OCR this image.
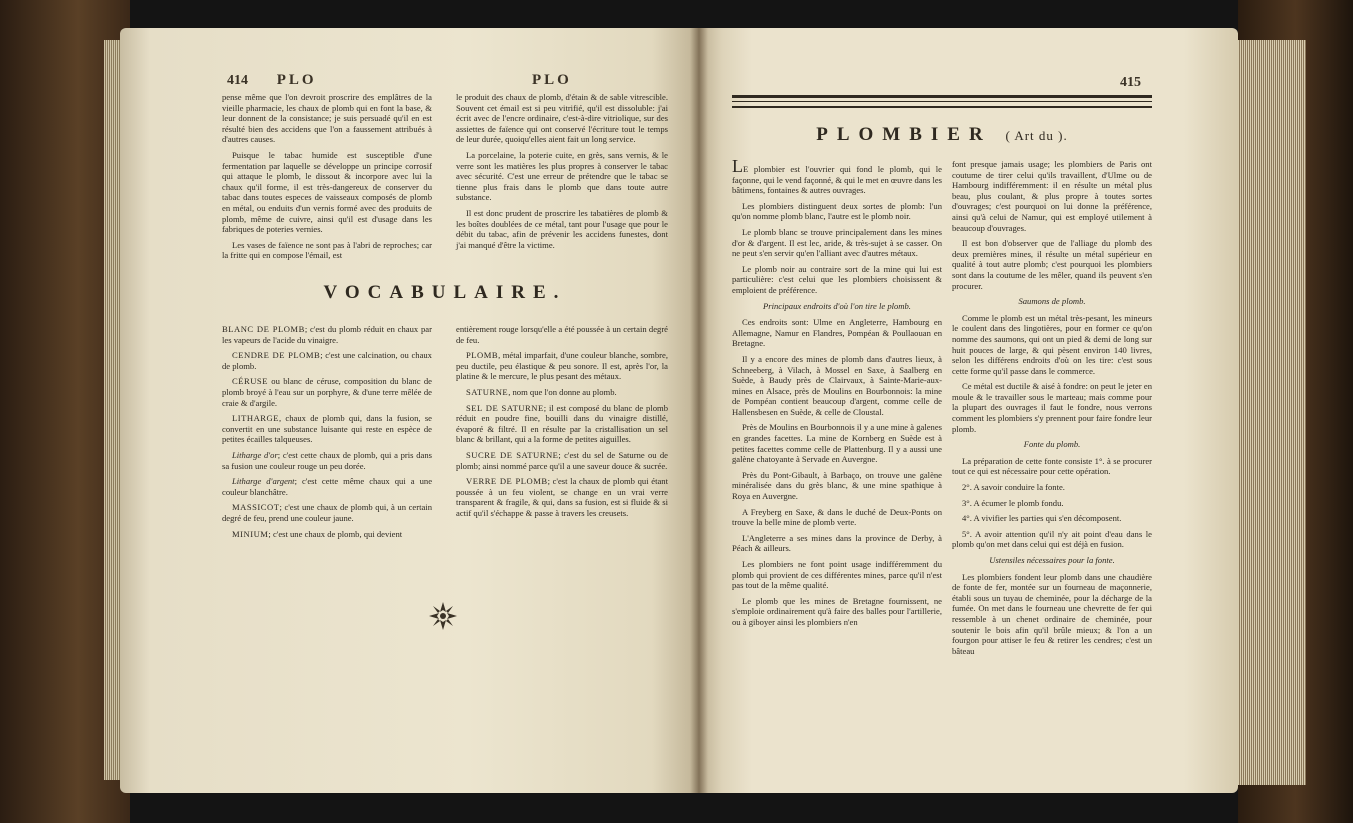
414 PLO	PLO

pense même que l'on devroit proscrire des emplâtres de la vieille pharmacie, les chaux de plomb qui en font la base, & leur donnent de la consistance; je suis persuadé qu'il en est résulté bien des accidens que l'on a faussement attribués à d'autres causes.

Puisque le tabac humide est susceptible d'une fermentation par laquelle se développe un principe corrosif qui attaque le plomb, le dissout & incorpore avec lui la chaux qu'il forme, il est très-dangereux de conserver du tabac dans toutes especes de vaisseaux composés de plomb en métal, ou enduits d'un vernis formé avec des produits de plomb, même de cuivre, ainsi qu'il est d'usage dans les fabriques de poteries vernies.

Les vases de faïence ne sont pas à l'abri de reproches; car la fritte qui en compose l'émail, est

le produit des chaux de plomb, d'étain & de sable vitrescible. Souvent cet émail est si peu vitrifié, qu'il est dissoluble: j'ai écrit avec de l'encre ordinaire, c'est-à-dire vitriolique, sur des assiettes de faïence qui ont conservé l'écriture tout le temps de leur durée, quoiqu'elles aient fait un long service.

La porcelaine, la poterie cuite, en grès, sans vernis, & le verre sont les matières les plus propres à conserver le tabac avec sécurité. C'est une erreur de prétendre que le tabac se tienne plus frais dans le plomb que dans toute autre substance.

Il est donc prudent de proscrire les tabatières de plomb & les boîtes doublées de ce métal, tant pour l'usage que pour le débit du tabac, afin de prévenir les accidens funestes, dont j'ai manqué d'être la victime.

VOCABULAIRE.

BLANC DE PLOMB; c'est du plomb réduit en chaux par les vapeurs de l'acide du vinaigre.

CENDRE DE PLOMB; c'est une calcination, ou chaux de plomb.

CÉRUSE ou blanc de céruse, composition du blanc de plomb broyé à l'eau sur un porphyre, & d'une terre mêlée de craie & d'argile.

LITHARGE, chaux de plomb qui, dans la fusion, se convertit en une substance luisante qui reste en espèce de petites écailles talqueuses.

Litharge d'or; c'est cette chaux de plomb, qui a pris dans sa fusion une couleur rouge un peu dorée.

Litharge d'argent; c'est cette même chaux qui a une couleur blanchâtre.

MASSICOT; c'est une chaux de plomb qui, à un certain degré de feu, prend une couleur jaune.

MINIUM; c'est une chaux de plomb, qui devient

entièrement rouge lorsqu'elle a été poussée à un certain degré de feu.

PLOMB, métal imparfait, d'une couleur blanche, sombre, peu ductile, peu élastique & peu sonore. Il est, après l'or, la platine & le mercure, le plus pesant des métaux.

SATURNE, nom que l'on donne au plomb.

SEL DE SATURNE; il est composé du blanc de plomb réduit en poudre fine, bouilli dans du vinaigre distillé, évaporé & filtré. Il en résulte par la cristallisation un sel blanc & brillant, qui a la forme de petites aiguilles.

SUCRE DE SATURNE; c'est du sel de Saturne ou de plomb; ainsi nommé parce qu'il a une saveur douce & sucrée.

VERRE DE PLOMB; c'est la chaux de plomb qui étant poussée à un feu violent, se change en un vrai verre transparent & fragile, & qui, dans sa fusion, est si fluide & si actif qu'il s'échappe & passe à travers les creusets.

415
PLOMBIER ( Art du ).

LE plombier est l'ouvrier qui fond le plomb, qui le façonne, qui le vend façonné, & qui le met en œuvre dans les bâtimens, fontaines & autres ouvrages.

Les plombiers distinguent deux sortes de plomb: l'un qu'on nomme plomb blanc, l'autre est le plomb noir.

Le plomb blanc se trouve principalement dans les mines d'or & d'argent. Il est lec, aride, & très-sujet à se casser. On ne peut s'en servir qu'en l'alliant avec d'autres métaux.

Le plomb noir au contraire sort de la mine qui lui est particulière: c'est celui que les plombiers choisissent & emploient de préférence.

Principaux endroits d'où l'on tire le plomb.

Ces endroits sont: Ulme en Angleterre, Hambourg en Allemagne, Namur en Flandres, Pompéan & Poullaouan en Bretagne.

Il y a encore des mines de plomb dans d'autres lieux, à Schneeberg, à Vilach, à Mossel en Saxe, à Saalberg en Suède, à Baudy près de Clairvaux, à Sainte-Marie-aux-mines en Alsace, près de Moulins en Bourbonnois: la mine de Pompéan contient beaucoup d'argent, comme celle de Hallensbesen en Suède, & celle de Cloustal.

Près de Moulins en Bourbonnois il y a une mine à galenes en grandes facettes. La mine de Kornberg en Suède est à petites facettes comme celle de Plattenburg. Il y a aussi une galène chatoyante à Servade en Auvergne.

Près du Pont-Gibault, à Barbaço, on trouve une galène minéralisée dans du grès blanc, & une mine spathique à Roya en Auvergne.

A Freyberg en Saxe, & dans le duché de Deux-Ponts on trouve la belle mine de plomb verte.

L'Angleterre a ses mines dans la province de Derby, à Péach & ailleurs.

Les plombiers ne font point usage indifféremment du plomb qui provient de ces différentes mines, parce qu'il n'est pas tout de la même qualité.

Le plomb que les mines de Bretagne fournissent, ne s'emploie ordinairement qu'à faire des balles pour l'artillerie, ou à giboyer ainsi les plombiers n'en

font presque jamais usage; les plombiers de Paris ont coutume de tirer celui qu'ils travaillent, d'Ulme ou de Hambourg indifféremment: il en résulte un métal plus beau, plus coulant, & plus propre à toutes sortes d'ouvrages; c'est pourquoi on lui donne la préférence, ainsi qu'à celui de Namur, qui est employé utilement à beaucoup d'ouvrages.

Il est bon d'observer que de l'alliage du plomb des deux premières mines, il résulte un métal supérieur en qualité à tout autre plomb; c'est pourquoi les plombiers sont dans la coutume de les mêler, quand ils peuvent s'en procurer.

Saumons de plomb.

Comme le plomb est un métal très-pesant, les mineurs le coulent dans des lingotières, pour en former ce qu'on nomme des saumons, qui ont un pied & demi de long sur huit pouces de large, & qui pèsent environ 140 livres, selon les différens endroits d'où on les tire: c'est sous cette forme qu'il passe dans le commerce.

Ce métal est ductile & aisé à fondre: on peut le jeter en moule & le travailler sous le marteau; mais comme pour la plupart des ouvrages il faut le fondre, nous verrons comment les plombiers s'y prennent pour faire fondre leur plomb.

Fonte du plomb.

La préparation de cette fonte consiste 1°. à se procurer tout ce qui est nécessaire pour cette opération.

2°. A savoir conduire la fonte.

3°. A écumer le plomb fondu.

4°. A vivifier les parties qui s'en décomposent.

5°. A avoir attention qu'il n'y ait point d'eau dans le plomb qu'on met dans celui qui est déjà en fusion.

Ustensiles nécessaires pour la fonte.

Les plombiers fondent leur plomb dans une chaudière de fonte de fer, montée sur un fourneau de maçonnerie, établi sous un tuyau de cheminée, pour la décharge de la fumée. On met dans le fourneau une chevrette de fer qui ressemble à un chenet ordinaire de cheminée, pour soutenir le bois afin qu'il brûle mieux; & l'on a un fourgon pour attiser le feu & retirer les cendres; c'est un bâteau
